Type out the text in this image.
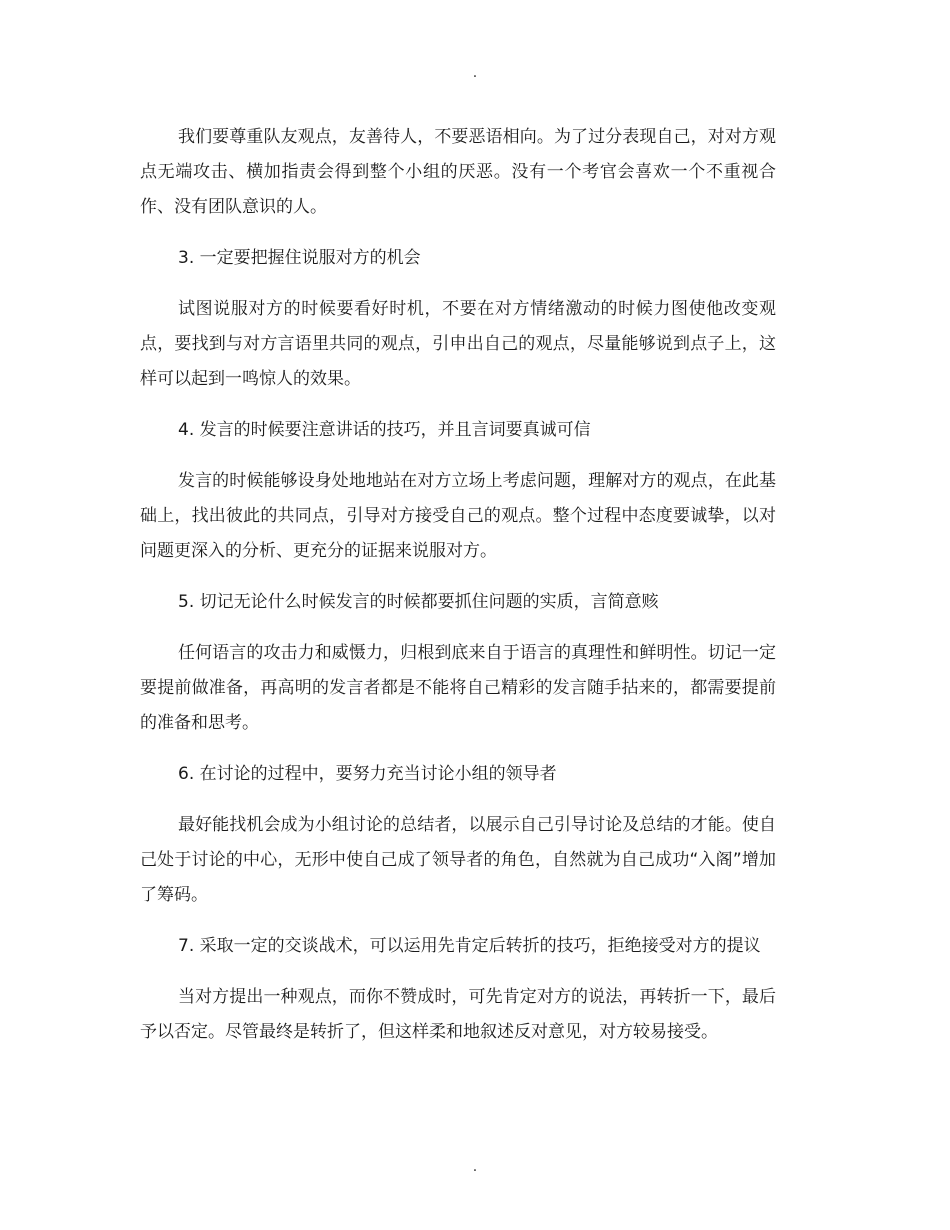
.

我们要尊重队友观点，友善待人，不要恶语相向。为了过分表现自己，对对方观点无端攻击、横加指责会得到整个小组的厌恶。没有一个考官会喜欢一个不重视合作、没有团队意识的人。

3. 一定要把握住说服对方的机会

试图说服对方的时候要看好时机，不要在对方情绪激动的时候力图使他改变观点，要找到与对方言语里共同的观点，引申出自己的观点，尽量能够说到点子上，这样可以起到一鸣惊人的效果。

4. 发言的时候要注意讲话的技巧，并且言词要真诚可信

发言的时候能够设身处地地站在对方立场上考虑问题，理解对方的观点，在此基础上，找出彼此的共同点，引导对方接受自己的观点。整个过程中态度要诚挚，以对问题更深入的分析、更充分的证据来说服对方。

5. 切记无论什么时候发言的时候都要抓住问题的实质，言简意赅

任何语言的攻击力和威慑力，归根到底来自于语言的真理性和鲜明性。切记一定要提前做准备，再高明的发言者都是不能将自己精彩的发言随手拈来的，都需要提前的准备和思考。

6. 在讨论的过程中，要努力充当讨论小组的领导者

最好能找机会成为小组讨论的总结者，以展示自己引导讨论及总结的才能。使自己处于讨论的中心，无形中使自己成了领导者的角色，自然就为自己成功“入阁”增加了筹码。

7. 采取一定的交谈战术，可以运用先肯定后转折的技巧，拒绝接受对方的提议

当对方提出一种观点，而你不赞成时，可先肯定对方的说法，再转折一下，最后予以否定。尽管最终是转折了，但这样柔和地叙述反对意见，对方较易接受。

.
